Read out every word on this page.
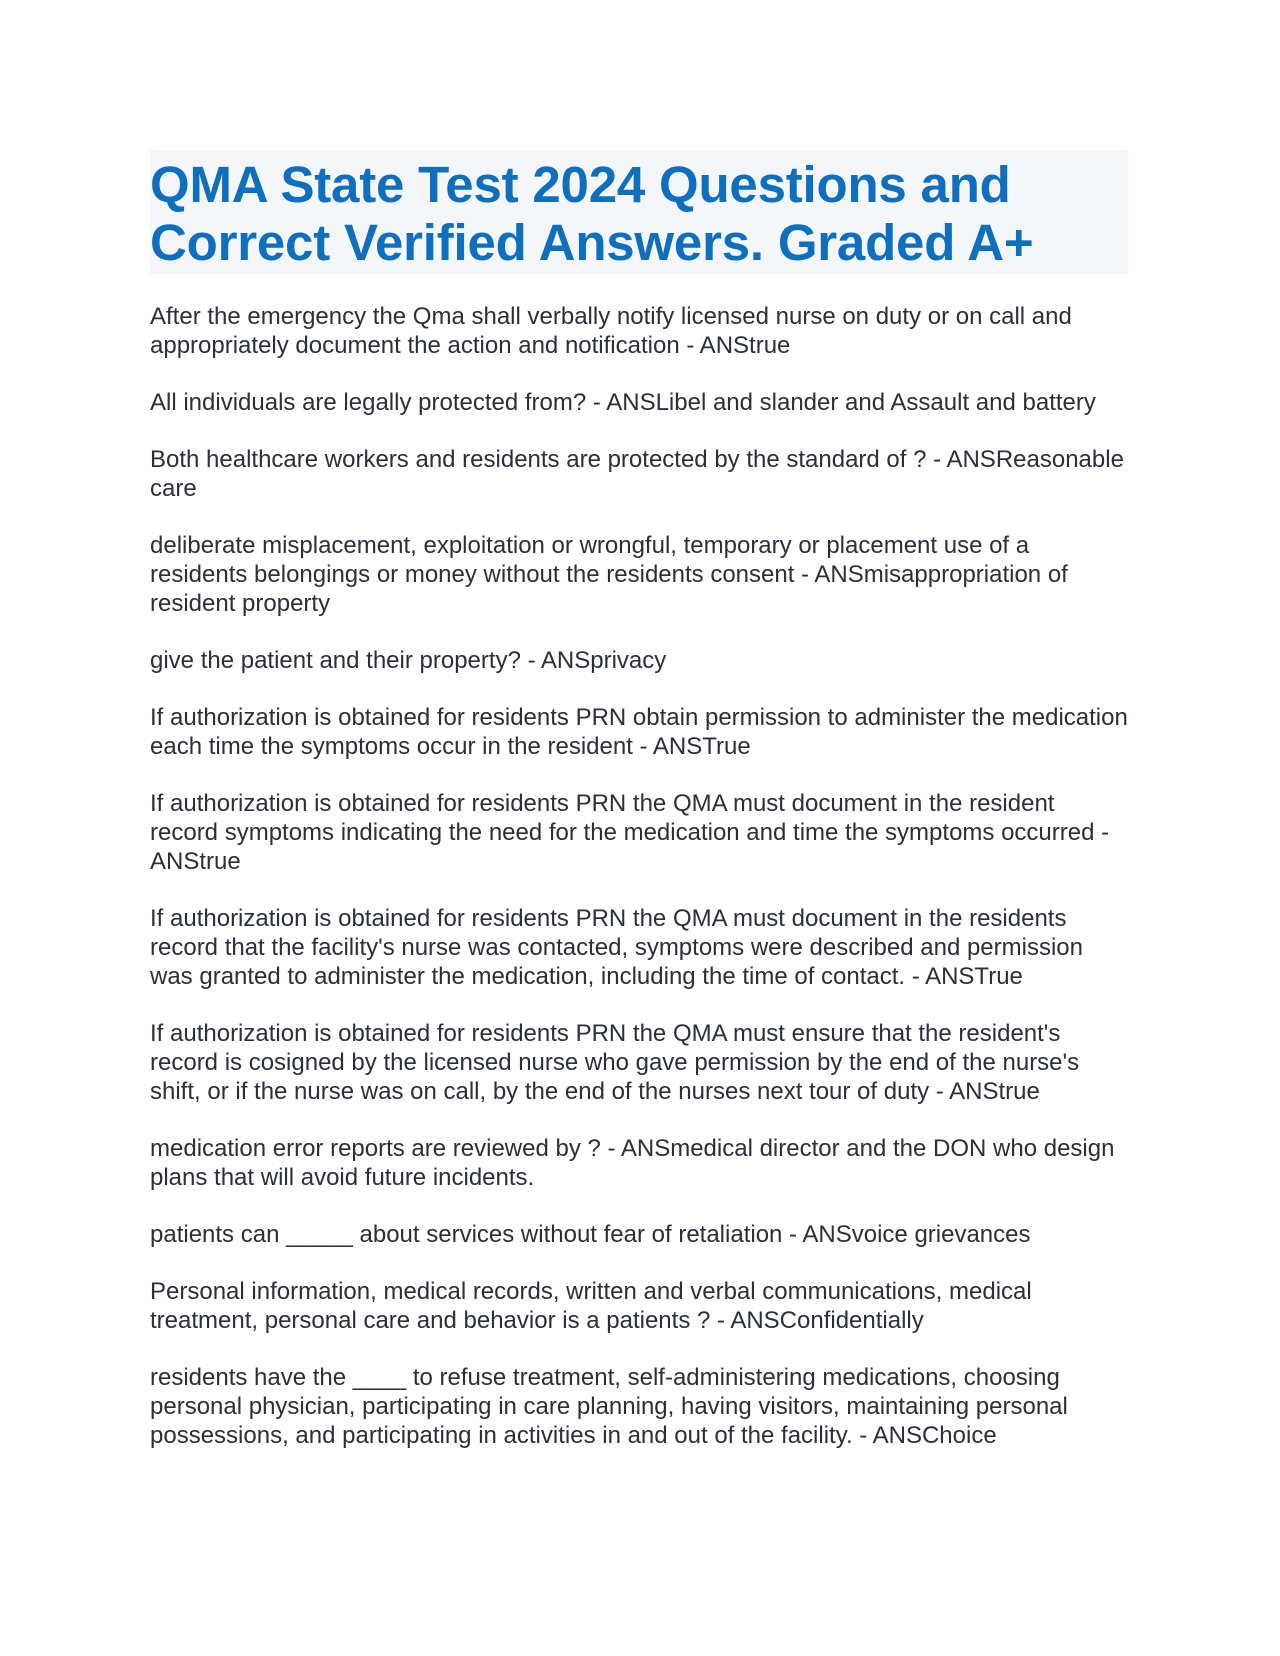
QMA State Test 2024 Questions and Correct Verified Answers. Graded A+

After the emergency the Qma shall verbally notify licensed nurse on duty or on call and appropriately document the action and notification - ANStrue

All individuals are legally protected from? - ANSLibel and slander and Assault and battery

Both healthcare workers and residents are protected by the standard of ? - ANSReasonable care

deliberate misplacement, exploitation or wrongful, temporary or placement use of a residents belongings or money without the residents consent - ANSmisappropriation of resident property

give the patient and their property? - ANSprivacy

If authorization is obtained for residents PRN obtain permission to administer the medication each time the symptoms occur in the resident - ANSTrue

If authorization is obtained for residents PRN the QMA must document in the resident record symptoms indicating the need for the medication and time the symptoms occurred - ANStrue

If authorization is obtained for residents PRN the QMA must document in the residents record that the facility's nurse was contacted, symptoms were described and permission was granted to administer the medication, including the time of contact. - ANSTrue

If authorization is obtained for residents PRN the QMA must ensure that the resident's record is cosigned by the licensed nurse who gave permission by the end of the nurse's shift, or if the nurse was on call, by the end of the nurses next tour of duty - ANStrue

medication error reports are reviewed by ? - ANSmedical director and the DON who design plans that will avoid future incidents.

patients can _____ about services without fear of retaliation - ANSvoice grievances

Personal information, medical records, written and verbal communications, medical treatment, personal care and behavior is a patients ? - ANSConfidentially

residents have the ____ to refuse treatment, self-administering medications, choosing personal physician, participating in care planning, having visitors, maintaining personal possessions, and participating in activities in and out of the facility. - ANSChoice
